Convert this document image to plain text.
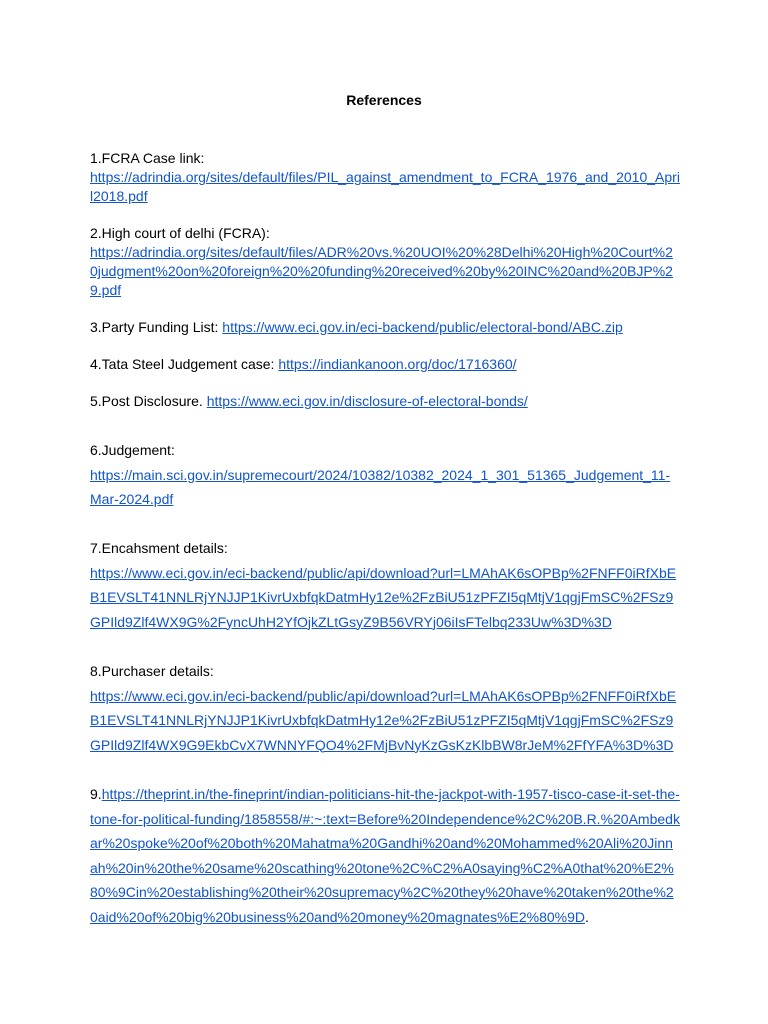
References
1.FCRA Case link:
https://adrindia.org/sites/default/files/PIL_against_amendment_to_FCRA_1976_and_2010_April2018.pdf
2.High court of delhi (FCRA):
https://adrindia.org/sites/default/files/ADR%20vs.%20UOI%20%28Delhi%20High%20Court%20judgment%20on%20foreign%20%20funding%20received%20by%20INC%20and%20BJP%29.pdf
3.Party Funding List: https://www.eci.gov.in/eci-backend/public/electoral-bond/ABC.zip
4.Tata Steel Judgement case: https://indiankanoon.org/doc/1716360/
5.Post Disclosure. https://www.eci.gov.in/disclosure-of-electoral-bonds/
6.Judgement:
https://main.sci.gov.in/supremecourt/2024/10382/10382_2024_1_301_51365_Judgement_11-Mar-2024.pdf
7.Encahsment details:
https://www.eci.gov.in/eci-backend/public/api/download?url=LMAhAK6sOPBp%2FNFF0iRfXbEB1EVSLT41NNLRjYNJJP1KivrUxbfqkDatmHy12e%2FzBiU51zPFZI5qMtjV1qgjFmSC%2FSz9GPIld9Zlf4WX9G%2FyncUhH2YfOjkZLtGsyZ9B56VRYj06iIsFTelbq233Uw%3D%3D
8.Purchaser details:
https://www.eci.gov.in/eci-backend/public/api/download?url=LMAhAK6sOPBp%2FNFF0iRfXbEB1EVSLT41NNLRjYNJJP1KivrUxbfqkDatmHy12e%2FzBiU51zPFZI5qMtjV1qgjFmSC%2FSz9GPIld9Zlf4WX9G9EkbCvX7WNNYFQO4%2FMjBvNyKzGsKzKlbBW8rJeM%2FfYFA%3D%3D
9.https://theprint.in/the-fineprint/indian-politicians-hit-the-jackpot-with-1957-tisco-case-it-set-the-tone-for-political-funding/1858558/#:~:text=Before%20Independence%2C%20B.R.%20Ambedkar%20spoke%20of%20both%20Mahatma%20Gandhi%20and%20Mohammed%20Ali%20Jinnah%20in%20the%20same%20scathing%20tone%2C%C2%A0saying%C2%A0that%20%E2%80%9Cin%20establishing%20their%20supremacy%2C%20they%20have%20taken%20the%20aid%20of%20big%20business%20and%20money%20magnates%E2%80%9D.
